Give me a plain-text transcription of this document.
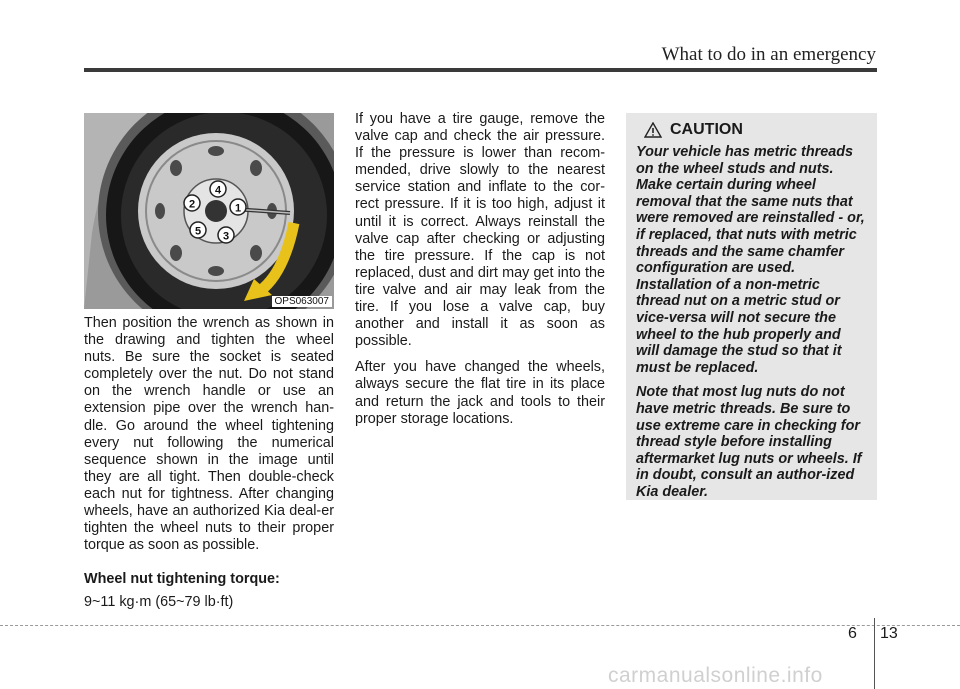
What to do in an emergency
1
2
3
4
5
OPS063007

Then position the wrench as shown in the drawing and tighten the wheel nuts. Be sure the socket is seated completely over the nut. Do not stand on the wrench handle or use an extension pipe over the wrench han-dle. Go around the wheel tightening every nut following the numerical sequence shown in the image until they are all tight. Then double-check each nut for tightness. After changing wheels, have an authorized Kia deal-er tighten the wheel nuts to their proper torque as soon as possible.

Wheel nut tightening torque:

9~11 kg·m (65~79 lb·ft)

If you have a tire gauge, remove the valve cap and check the air pressure. If the pressure is lower than recom-mended, drive slowly to the nearest service station and inflate to the cor-rect pressure. If it is too high, adjust it until it is correct. Always reinstall the valve cap after checking or adjusting the tire pressure. If the cap is not replaced, dust and dirt may get into the tire valve and air may leak from the tire. If you lose a valve cap, buy another and install it as soon as possible.

After you have changed the wheels, always secure the flat tire in its place and return the jack and tools to their proper storage locations.

CAUTION

Your vehicle has metric threads on the wheel studs and nuts. Make certain during wheel removal that the same nuts that were removed are reinstalled - or, if replaced, that nuts with metric threads and the same chamfer configuration are used. Installation of a non-metric thread nut on a metric stud or vice-versa will not secure the wheel to the hub properly and will damage the stud so that it must be replaced.

Note that most lug nuts do not have metric threads. Be sure to use extreme care in checking for thread style before installing aftermarket lug nuts or wheels. If in doubt, consult an author-ized Kia dealer.

6 13
carmanualsonline.info
